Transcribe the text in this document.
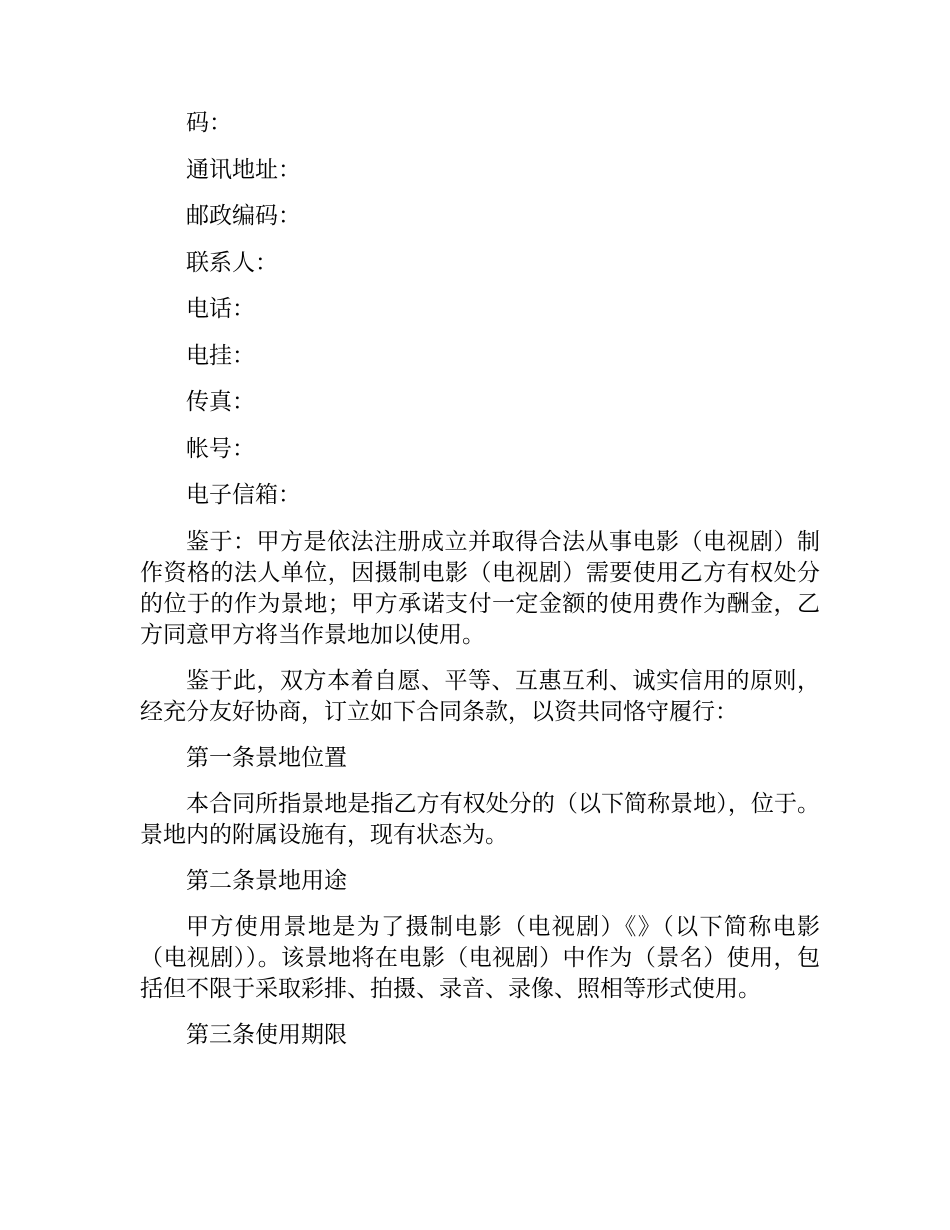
码：

通讯地址：

邮政编码：

联系人：

电话：

电挂：

传真：

帐号：

电子信箱：

鉴于：甲方是依法注册成立并取得合法从事电影（电视剧）制作资格的法人单位，因摄制电影（电视剧）需要使用乙方有权处分的位于的作为景地；甲方承诺支付一定金额的使用费作为酬金，乙方同意甲方将当作景地加以使用。

鉴于此，双方本着自愿、平等、互惠互利、诚实信用的原则，经充分友好协商，订立如下合同条款，以资共同恪守履行：

第一条景地位置

本合同所指景地是指乙方有权处分的（以下简称景地），位于。景地内的附属设施有，现有状态为。

第二条景地用途

甲方使用景地是为了摄制电影（电视剧）《》（以下简称电影（电视剧））。该景地将在电影（电视剧）中作为（景名）使用，包括但不限于采取彩排、拍摄、录音、录像、照相等形式使用。

第三条使用期限
